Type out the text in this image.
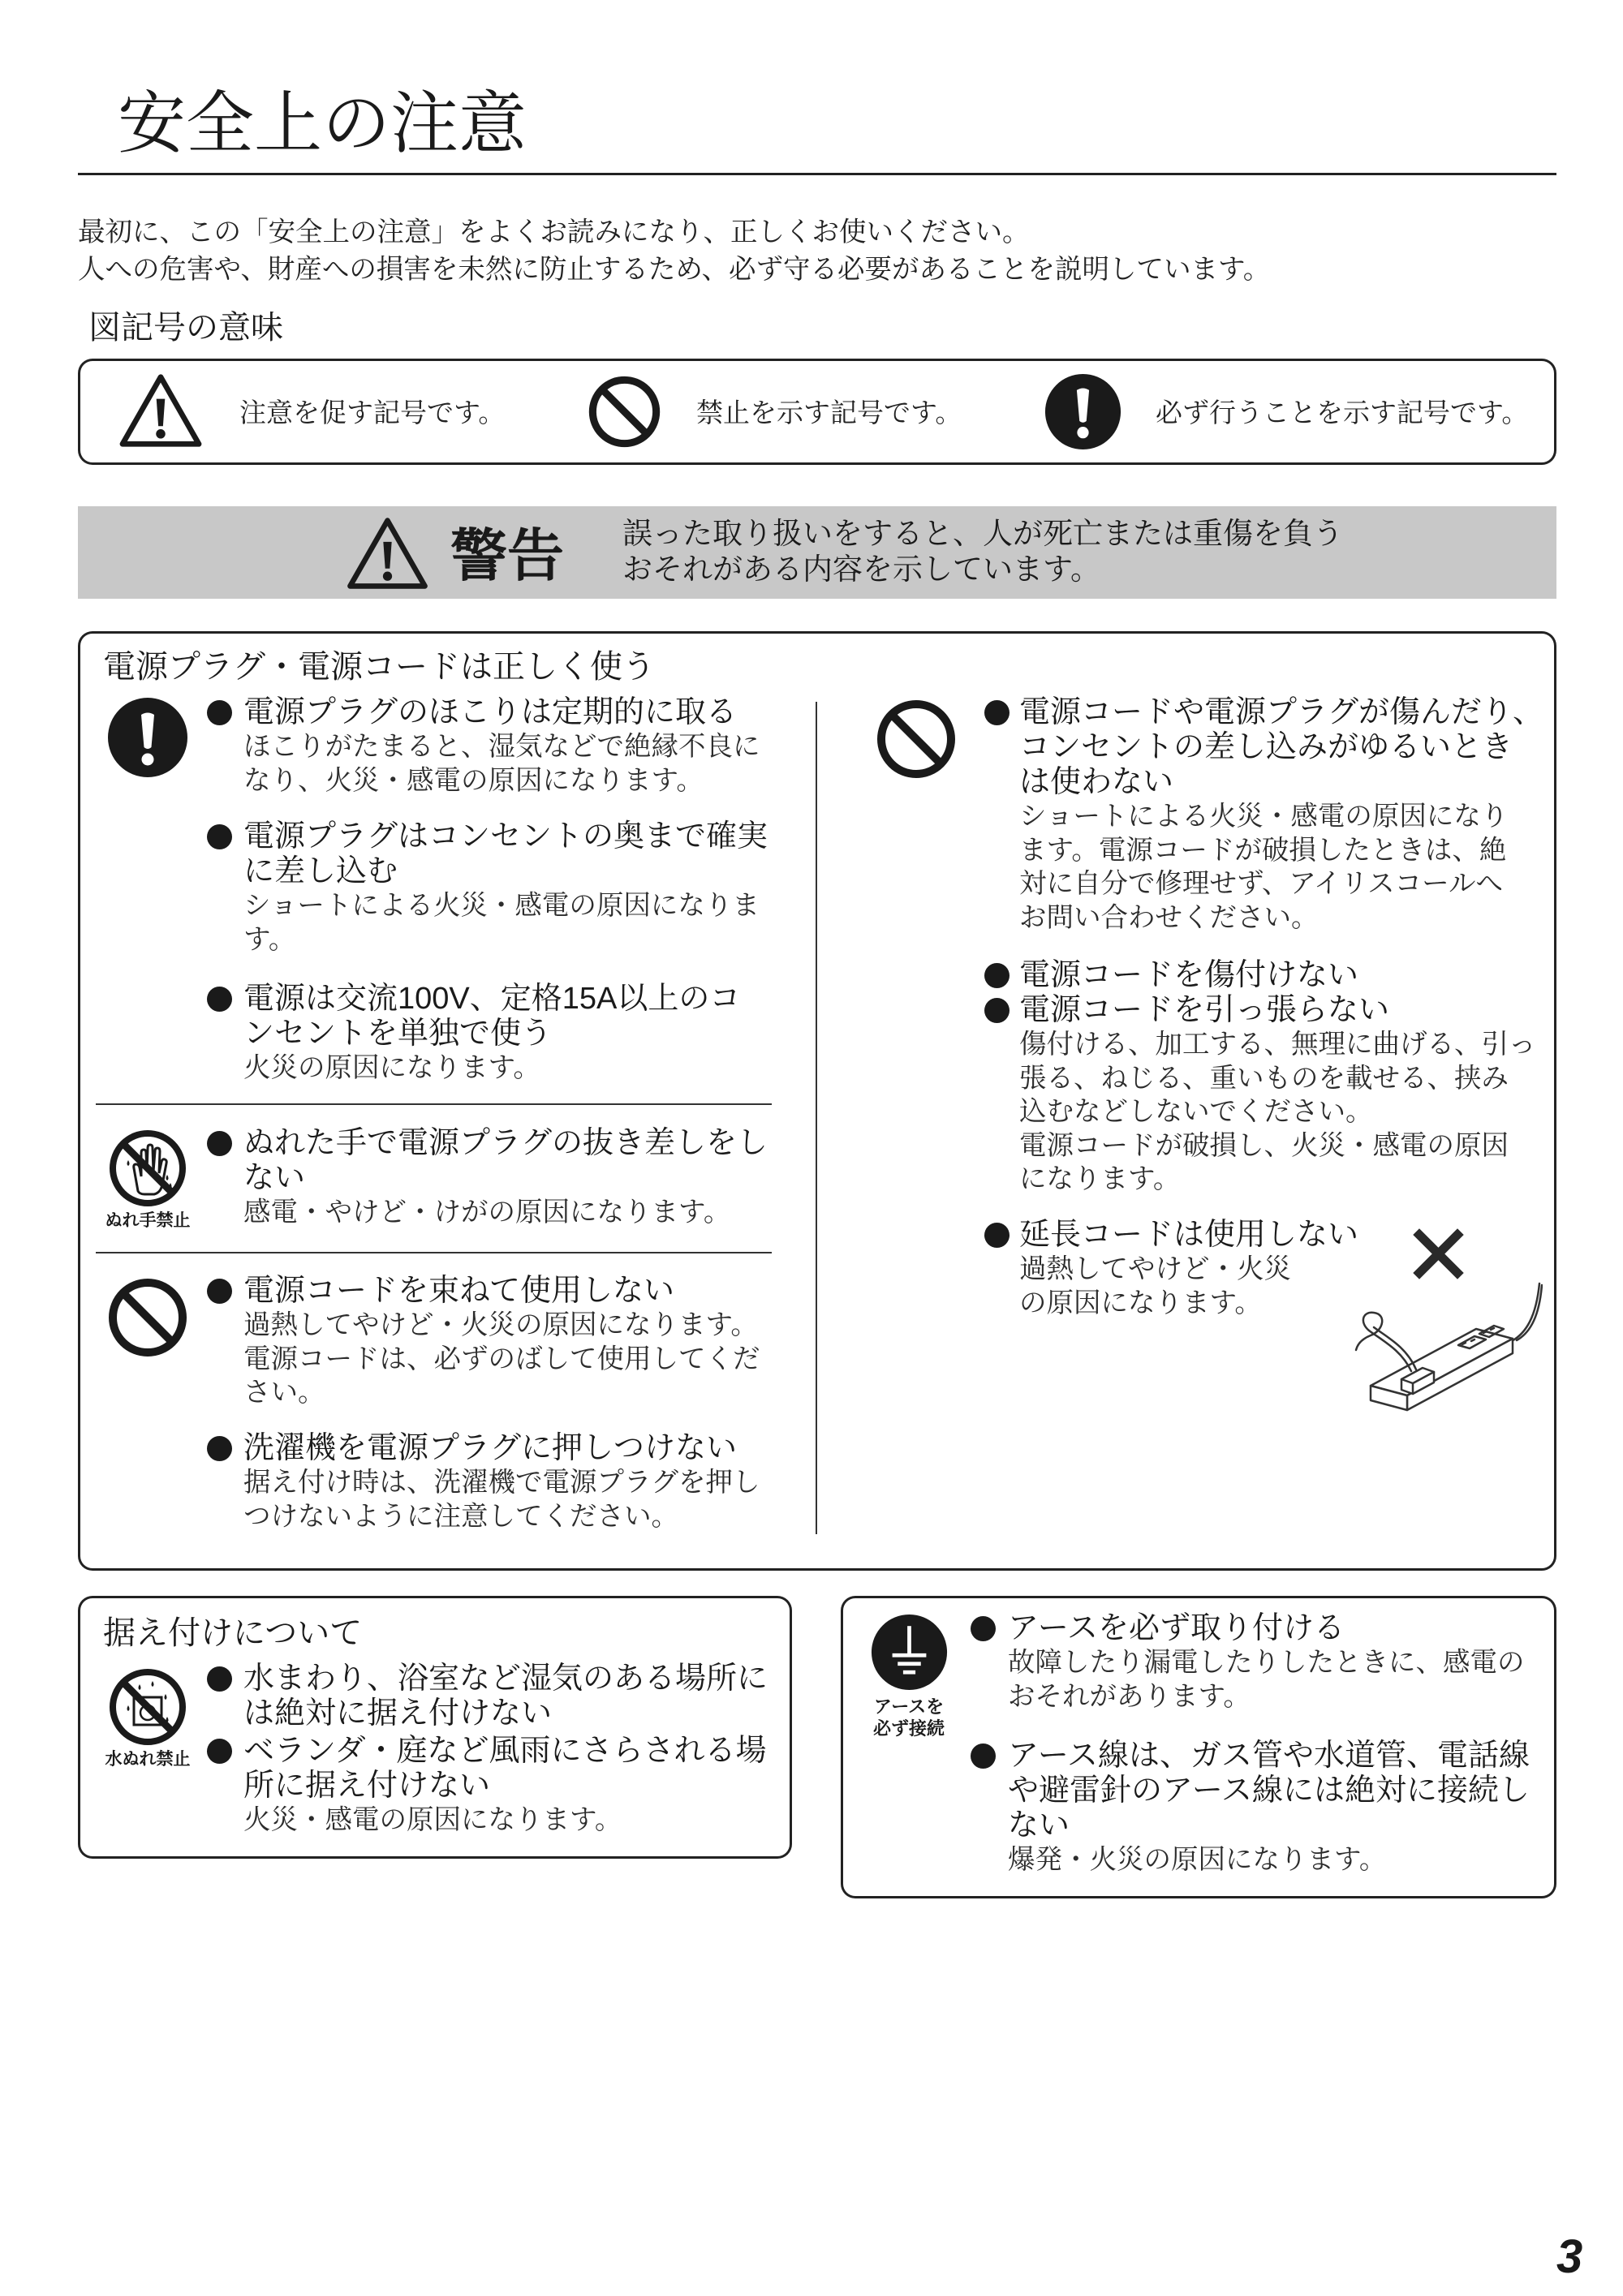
安全上の注意
最初に、この「安全上の注意」をよくお読みになり、正しくお使いください。
人への危害や、財産への損害を未然に防止するため、必ず守る必要があることを説明しています。
図記号の意味
注意を促す記号です。	禁止を示す記号です。	必ず行うことを示す記号です。
警告 誤った取り扱いをすると、人が死亡または重傷を負う
おそれがある内容を示しています。
電源プラグ・電源コードは正しく使う
電源プラグのほこりは定期的に取る
ほこりがたまると、湿気などで絶縁不良に
なり、火災・感電の原因になります。
電源プラグはコンセントの奥まで確実
に差し込む
ショートによる火災・感電の原因になりま
す。
電源は交流100V、定格15A以上のコ
ンセントを単独で使う
火災の原因になります。
ぬれ手禁止
ぬれた手で電源プラグの抜き差しをし
ない
感電・やけど・けがの原因になります。
電源コードを束ねて使用しない
過熱してやけど・火災の原因になります。
電源コードは、必ずのばして使用してくだ
さい。
洗濯機を電源プラグに押しつけない
据え付け時は、洗濯機で電源プラグを押し
つけないように注意してください。
電源コードや電源プラグが傷んだり、
コンセントの差し込みがゆるいとき
は使わない
ショートによる火災・感電の原因になり
ます。電源コードが破損したときは、絶
対に自分で修理せず、アイリスコールへ
お問い合わせください。
電源コードを傷付けない
電源コードを引っ張らない
傷付ける、加工する、無理に曲げる、引っ
張る、ねじる、重いものを載せる、挟み
込むなどしないでください。
電源コードが破損し、火災・感電の原因
になります。
延長コードは使用しない
過熱してやけど・火災
の原因になります。
据え付けについて
水ぬれ禁止
水まわり、浴室など湿気のある場所に
は絶対に据え付けない
ベランダ・庭など風雨にさらされる場
所に据え付けない
火災・感電の原因になります。
アースを
必ず接続
アースを必ず取り付ける
故障したり漏電したりしたときに、感電の
おそれがあります。
アース線は、ガス管や水道管、電話線
や避雷針のアース線には絶対に接続し
ない
爆発・火災の原因になります。
3
